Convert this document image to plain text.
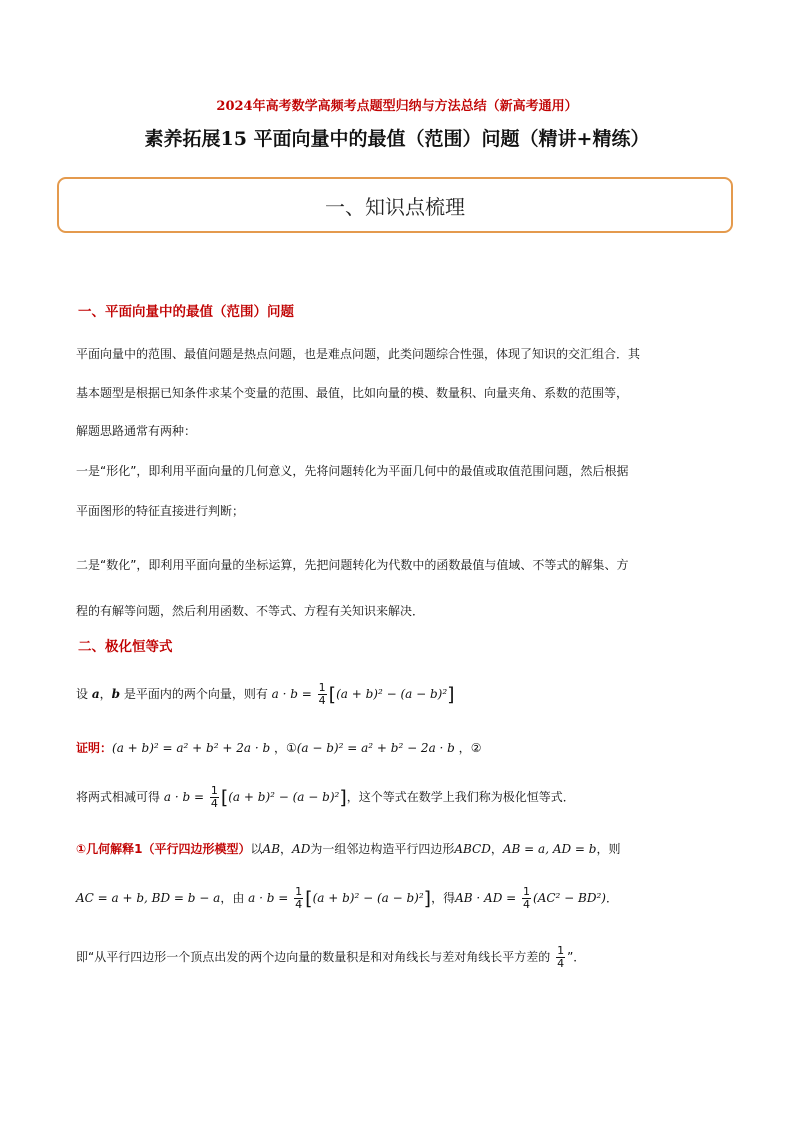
2024年高考数学高频考点题型归纳与方法总结（新高考通用）
素养拓展15 平面向量中的最值（范围）问题（精讲+精练）
一、知识点梳理
一、平面向量中的最值（范围）问题
平面向量中的范围、最值问题是热点问题，也是难点问题，此类问题综合性强，体现了知识的交汇组合．其
基本题型是根据已知条件求某个变量的范围、最值，比如向量的模、数量积、向量夹角、系数的范围等，
解题思路通常有两种：
一是“形化”，即利用平面向量的几何意义，先将问题转化为平面几何中的最值或取值范围问题，然后根据
平面图形的特征直接进行判断；
二是“数化”，即利用平面向量的坐标运算，先把问题转化为代数中的函数最值与值域、不等式的解集、方
程的有解等问题，然后利用函数、不等式、方程有关知识来解决．
二、极化恒等式
设 a，b 是平面内的两个向量，则有 $a \cdot b = \frac{1}{4} [(a + b)^2 - (a - b)^2]$
证明：(a + b)² = a² + b² + 2a · b ，①(a − b)² = a² + b² − 2a · b ，②
将两式相减可得 $a \cdot b = \frac{1}{4} [(a + b)^2 - (a - b)^2]$，这个等式在数学上我们称为极化恒等式．
①几何解释1（平行四边形模型）以AB，AD为一组邻边构造平行四边形ABCD，AB = a, AD = b，则
AC = a + b, BD = b − a，由 $a \cdot b = \frac{1}{4} [(a + b)^2 - (a - b)^2]$，得AB · AD = $\frac{1}{4} (AC^2 - BD^2)$．
即“从平行四边形一个顶点出发的两个边向量的数量积是和对角线长与差对角线长平方差的 $\frac{1}{4}$ ”．
